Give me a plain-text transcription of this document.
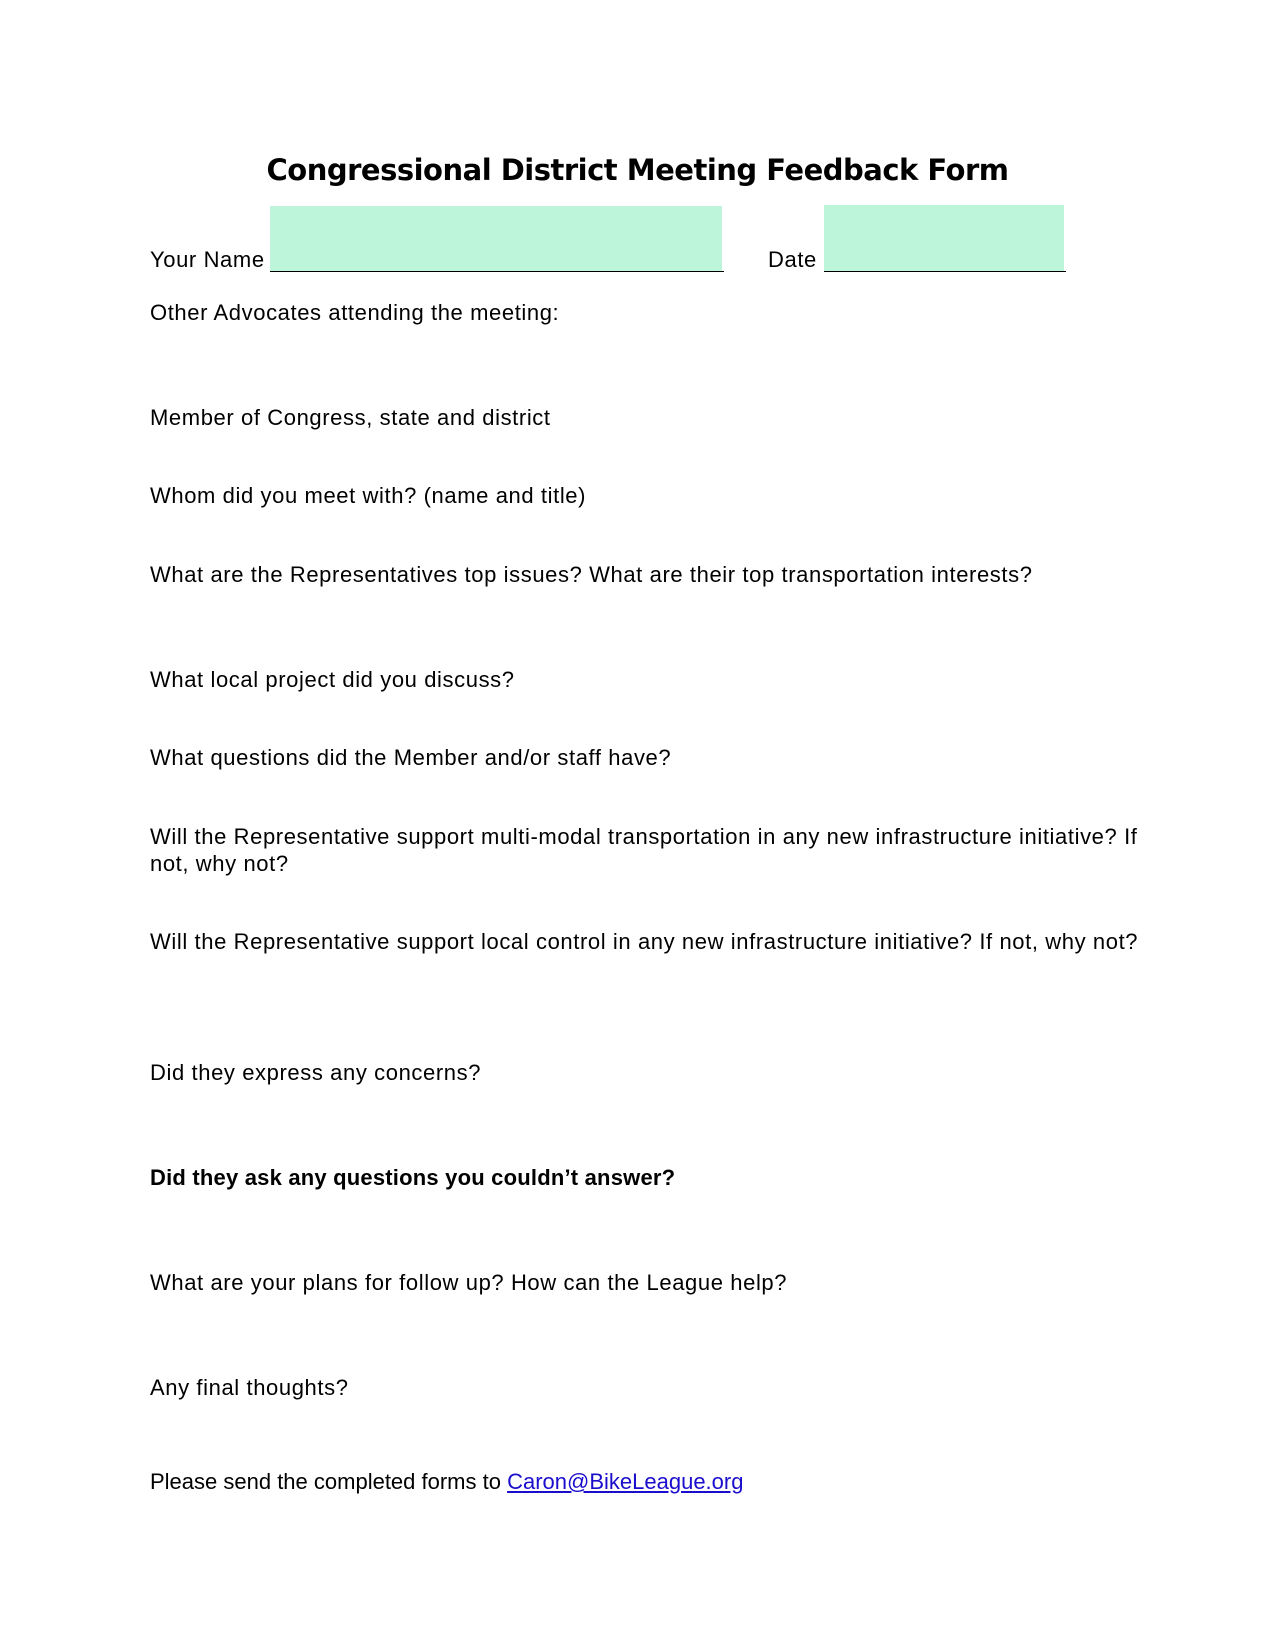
Congressional District Meeting Feedback Form
Your Name	Date

Other Advocates attending the meeting:

Member of Congress, state and district

Whom did you meet with? (name and title)

What are the Representatives top issues? What are their top transportation interests?

What local project did you discuss?

What questions did the Member and/or staff have?

Will the Representative support multi-modal transportation in any new infrastructure initiative? If not, why not?

Will the Representative support local control in any new infrastructure initiative? If not, why not?

Did they express any concerns?

Did they ask any questions you couldn’t answer?

What are your plans for follow up? How can the League help?

Any final thoughts?

Please send the completed forms to Caron@BikeLeague.org
